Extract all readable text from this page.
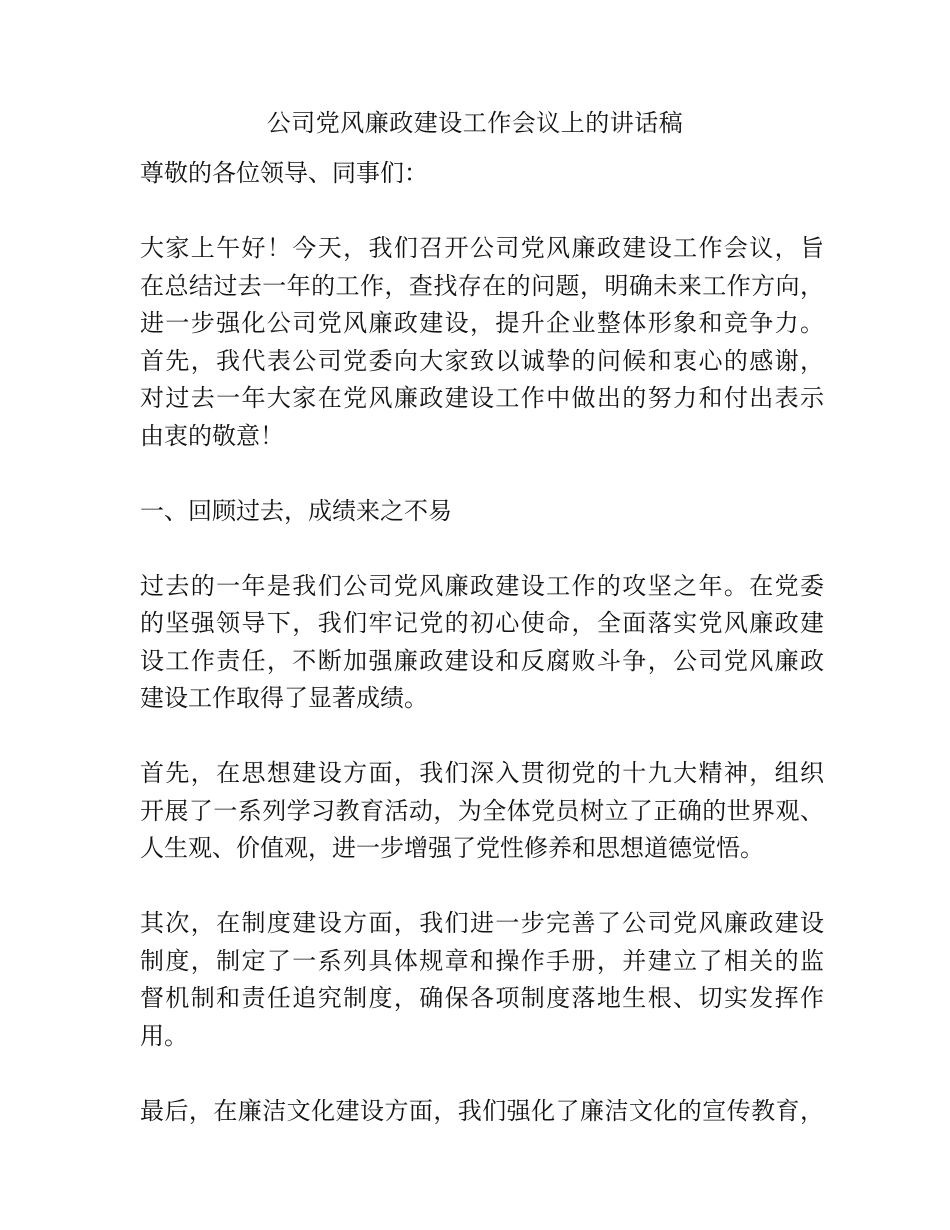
公司党风廉政建设工作会议上的讲话稿
尊敬的各位领导、同事们：
大家上午好！今天，我们召开公司党风廉政建设工作会议，旨
在总结过去一年的工作，查找存在的问题，明确未来工作方向，
进一步强化公司党风廉政建设，提升企业整体形象和竞争力。
首先，我代表公司党委向大家致以诚挚的问候和衷心的感谢，
对过去一年大家在党风廉政建设工作中做出的努力和付出表示
由衷的敬意！
一、回顾过去，成绩来之不易
过去的一年是我们公司党风廉政建设工作的攻坚之年。在党委
的坚强领导下，我们牢记党的初心使命，全面落实党风廉政建
设工作责任，不断加强廉政建设和反腐败斗争，公司党风廉政
建设工作取得了显著成绩。
首先，在思想建设方面，我们深入贯彻党的十九大精神，组织
开展了一系列学习教育活动，为全体党员树立了正确的世界观、
人生观、价值观，进一步增强了党性修养和思想道德觉悟。
其次，在制度建设方面，我们进一步完善了公司党风廉政建设
制度，制定了一系列具体规章和操作手册，并建立了相关的监
督机制和责任追究制度，确保各项制度落地生根、切实发挥作
用。
最后，在廉洁文化建设方面，我们强化了廉洁文化的宣传教育，
